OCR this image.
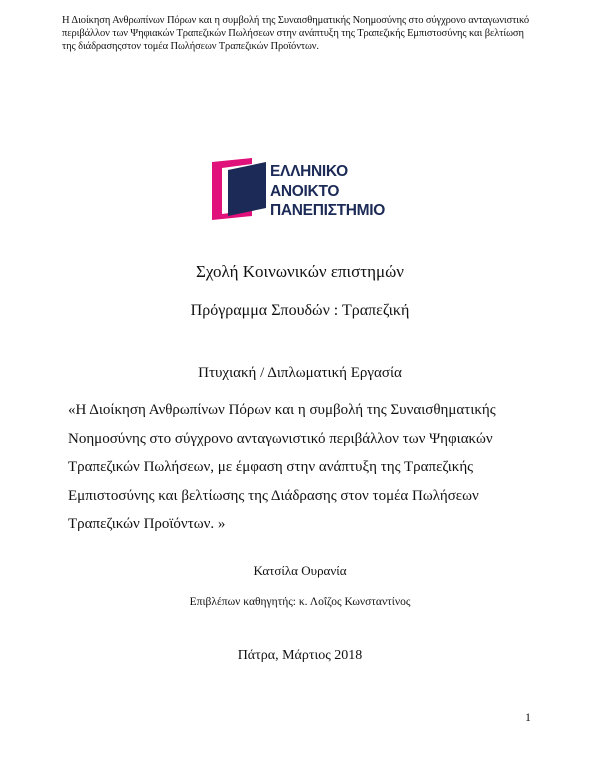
Η Διοίκηση Ανθρωπίνων Πόρων και η συμβολή της Συναισθηματικής Νοημοσύνης στο σύγχρονο ανταγωνιστικό περιβάλλον των Ψηφιακών Τραπεζικών Πωλήσεων στην ανάπτυξη της Τραπεζικής Εμπιστοσύνης και βελτίωση της διάδρασηςστον τομέα Πωλήσεων Τραπεζικών Προϊόντων.
ΕΛΛΗΝΙΚΟ
ΑΝΟΙΚΤΟ
ΠΑΝΕΠΙΣΤΗΜΙΟ
Σχολή Κοινωνικών επιστημών
Πρόγραμμα Σπουδών : Τραπεζική
Πτυχιακή / Διπλωματική Εργασία
«Η Διοίκηση Ανθρωπίνων Πόρων και η συμβολή της Συναισθηματικής Νοημοσύνης στο σύγχρονο ανταγωνιστικό περιβάλλον των Ψηφιακών Τραπεζικών Πωλήσεων, με έμφαση στην ανάπτυξη της Τραπεζικής Εμπιστοσύνης και βελτίωσης της Διάδρασης στον τομέα Πωλήσεων Τραπεζικών Προϊόντων. »
Κατσίλα Ουρανία
Επιβλέπων καθηγητής: κ. Λοΐζος Κωνσταντίνος
Πάτρα, Μάρτιος 2018
1
